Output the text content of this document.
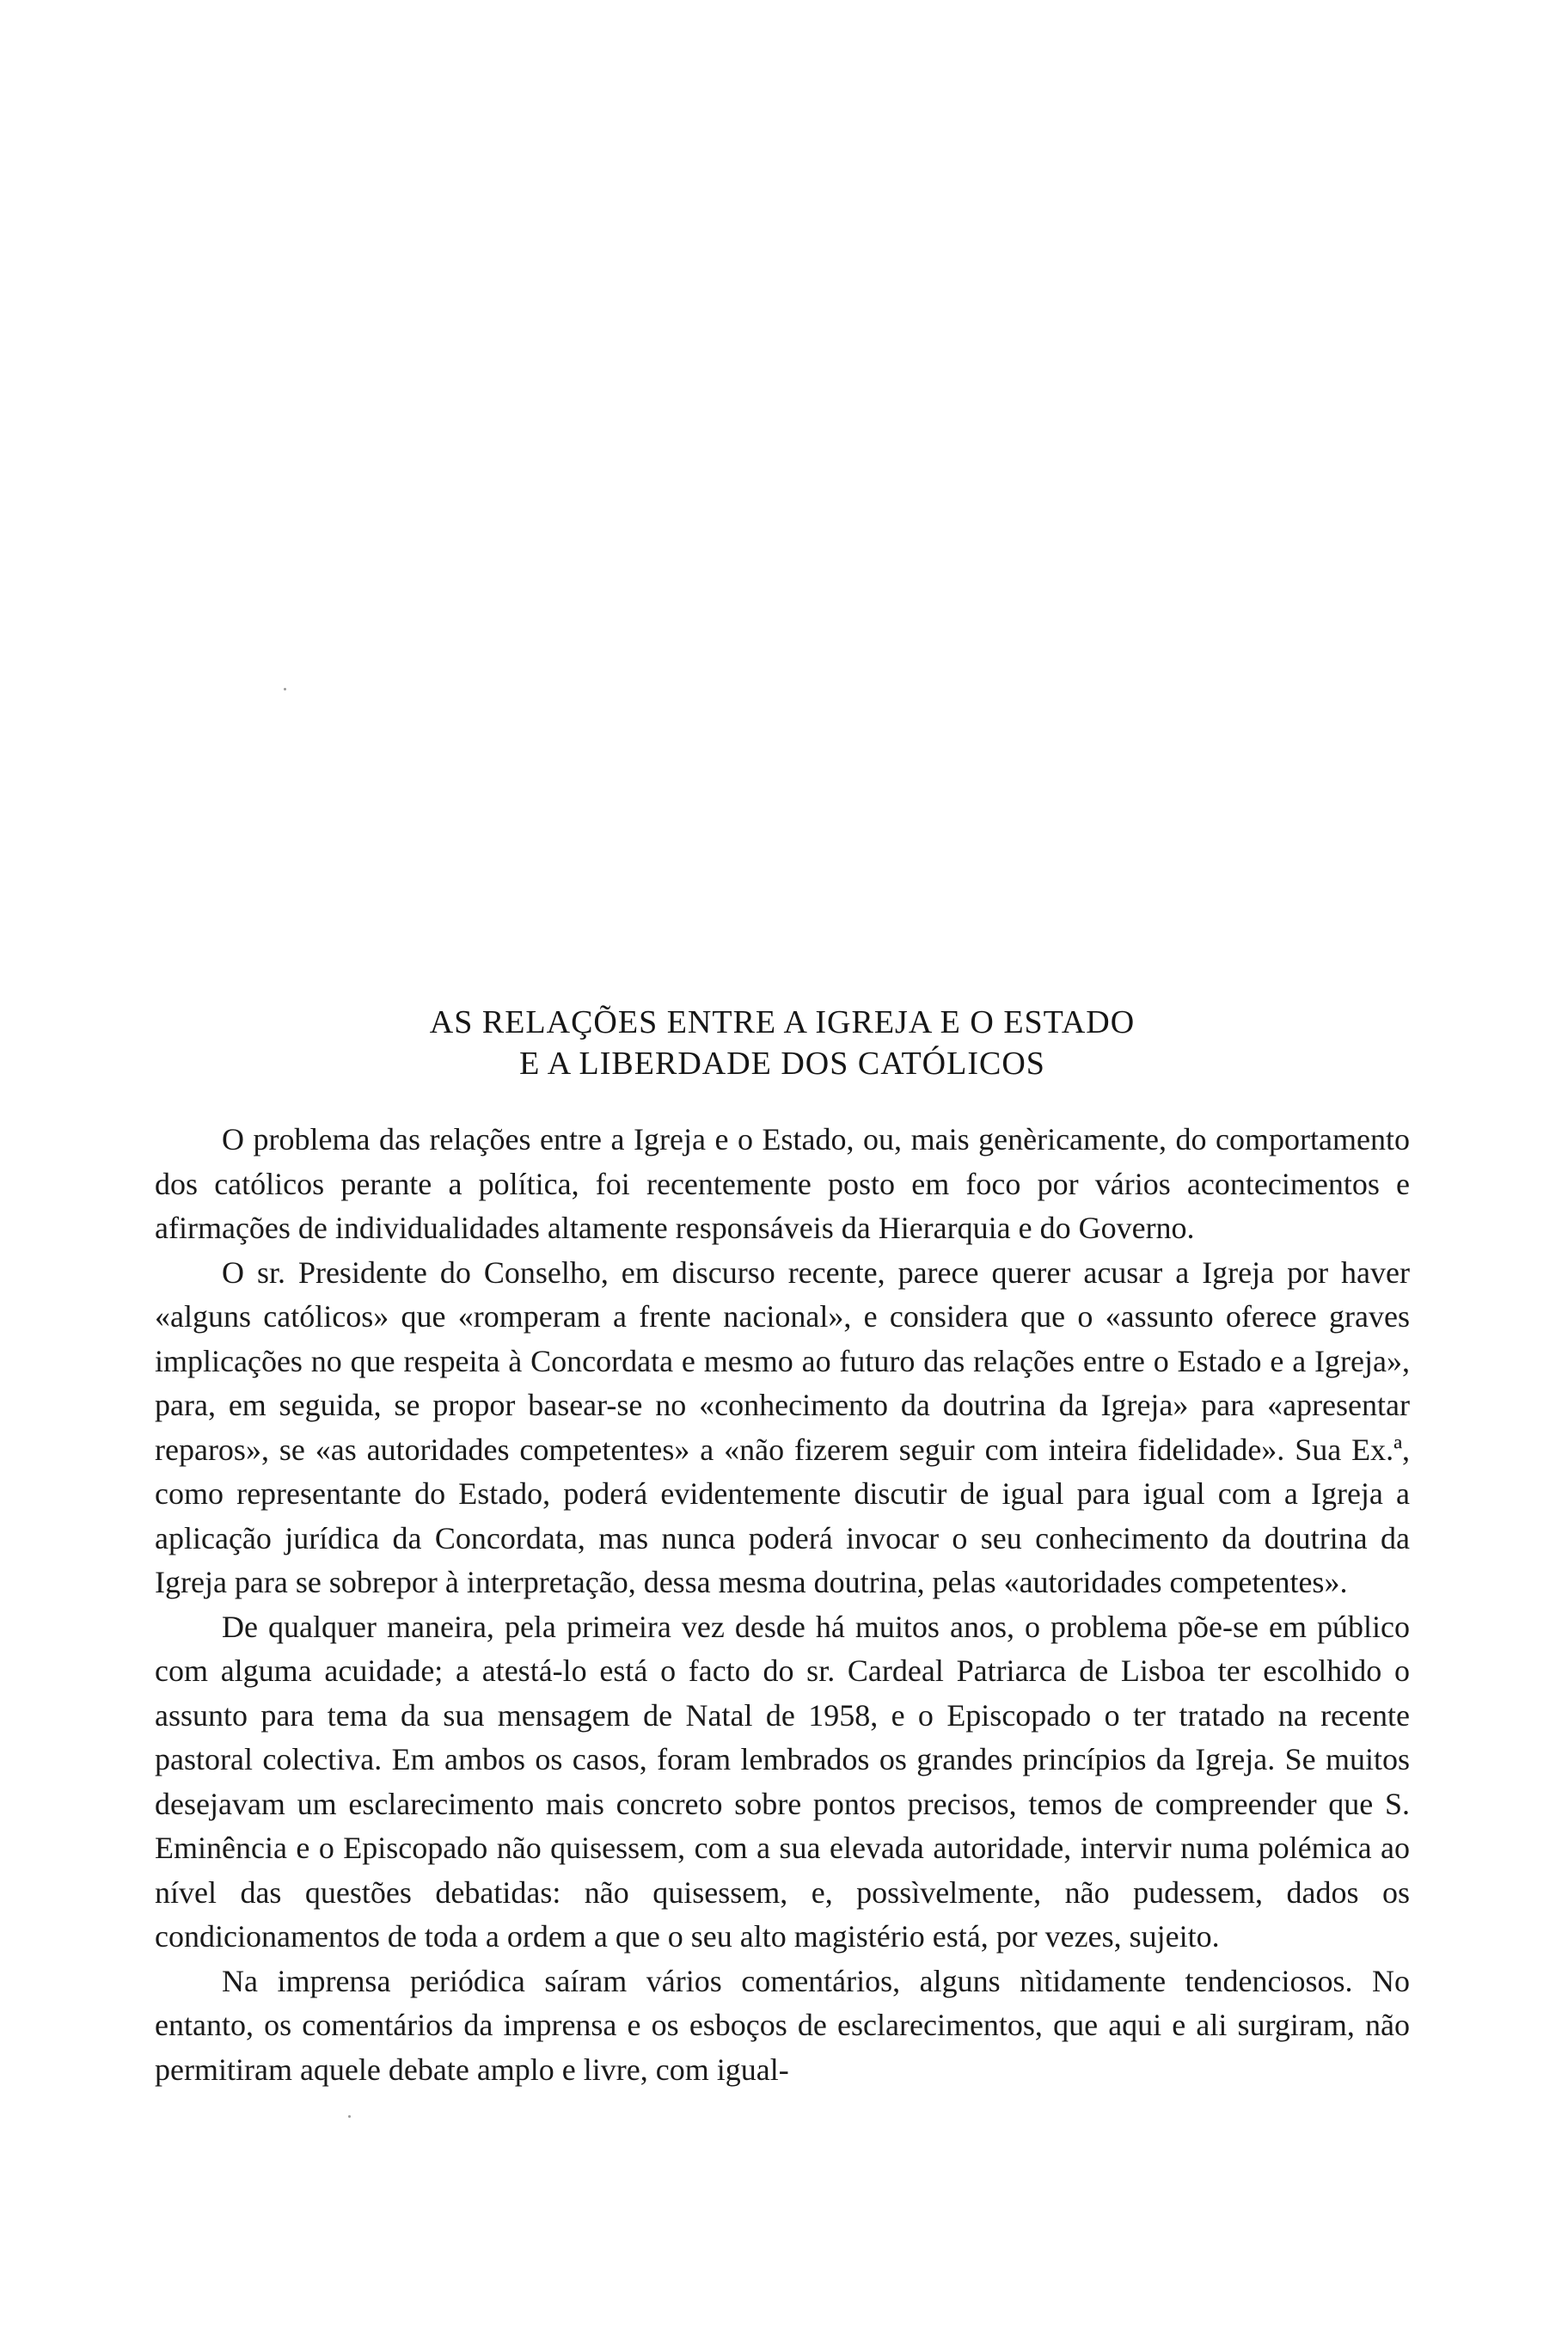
AS RELAÇÕES ENTRE A IGREJA E O ESTADO
E A LIBERDADE DOS CATÓLICOS

O problema das relações entre a Igreja e o Estado, ou, mais genèricamente, do comportamento dos católicos perante a política, foi recentemente posto em foco por vários acontecimentos e afirmações de individualidades altamente responsáveis da Hierarquia e do Governo.

O sr. Presidente do Conselho, em discurso recente, parece querer acusar a Igreja por haver «alguns católicos» que «romperam a frente nacional», e considera que o «assunto oferece graves implicações no que respeita à Concordata e mesmo ao futuro das relações entre o Estado e a Igreja», para, em seguida, se propor basear-se no «conhecimento da doutrina da Igreja» para «apresentar reparos», se «as autoridades competentes» a «não fizerem seguir com inteira fidelidade». Sua Ex.ª, como representante do Estado, poderá evidentemente discutir de igual para igual com a Igreja a aplicação jurídica da Concordata, mas nunca poderá invocar o seu conhecimento da doutrina da Igreja para se sobrepor à interpretação, dessa mesma doutrina, pelas «autoridades competentes».

De qualquer maneira, pela primeira vez desde há muitos anos, o problema põe-se em público com alguma acuidade; a atestá-lo está o facto do sr. Cardeal Patriarca de Lisboa ter escolhido o assunto para tema da sua mensagem de Natal de 1958, e o Episcopado o ter tratado na recente pastoral colectiva. Em ambos os casos, foram lembrados os grandes princípios da Igreja. Se muitos desejavam um esclarecimento mais concreto sobre pontos precisos, temos de compreender que S. Eminência e o Episcopado não quisessem, com a sua elevada autoridade, intervir numa polémica ao nível das questões debatidas: não quisessem, e, possìvelmente, não pudessem, dados os condicionamentos de toda a ordem a que o seu alto magistério está, por vezes, sujeito.

Na imprensa periódica saíram vários comentários, alguns nìtidamente tendenciosos. No entanto, os comentários da imprensa e os esboços de esclarecimentos, que aqui e ali surgiram, não permitiram aquele debate amplo e livre, com igual-
